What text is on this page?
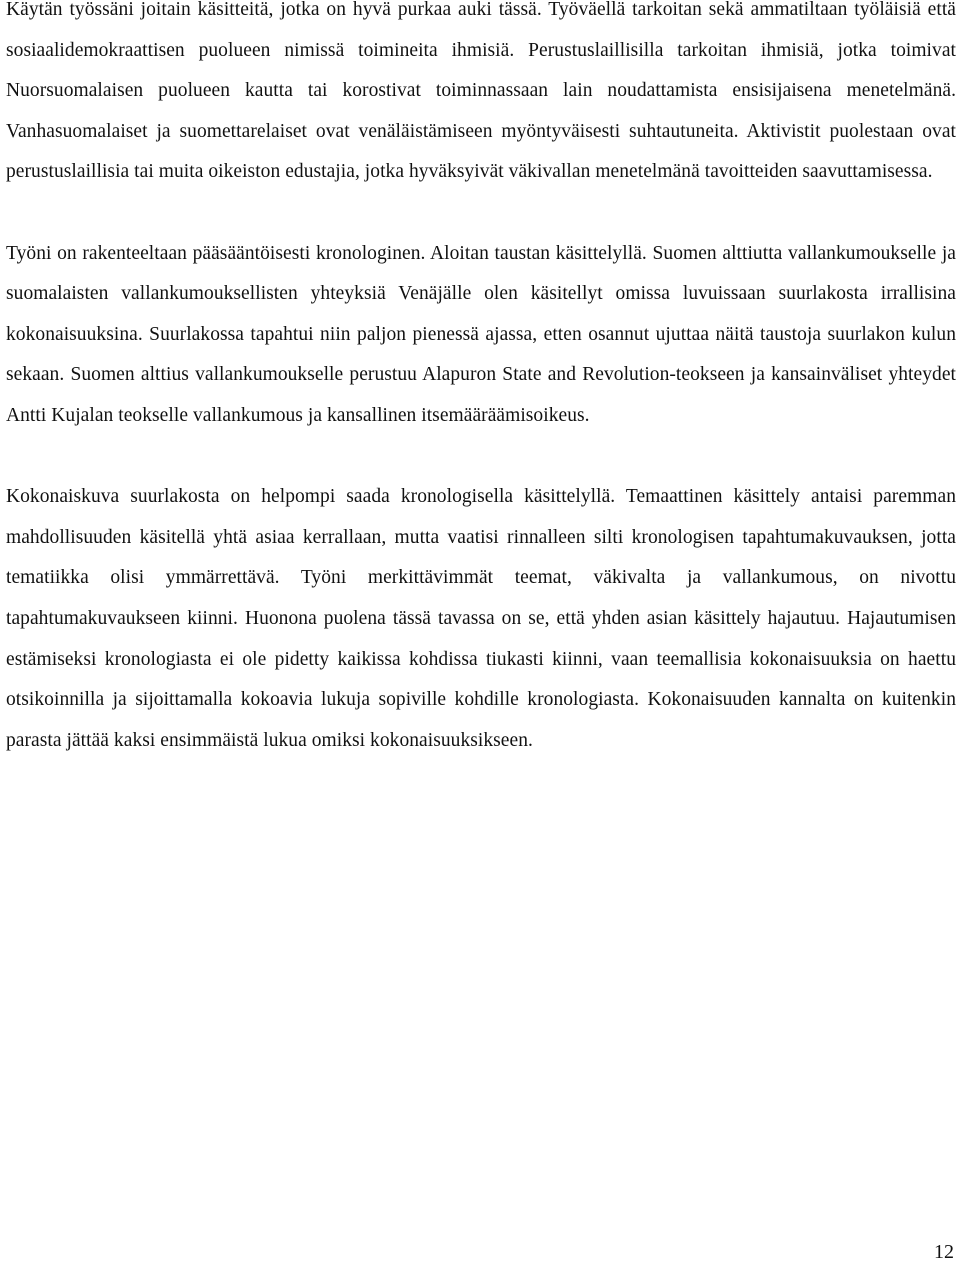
Käytän työssäni joitain käsitteitä, jotka on hyvä purkaa auki tässä. Työväellä tarkoitan sekä ammatiltaan työläisiä että sosiaalidemokraattisen puolueen nimissä toimineita ihmisiä. Perustuslaillisilla tarkoitan ihmisiä, jotka toimivat Nuorsuomalaisen puolueen kautta tai korostivat toiminnassaan lain noudattamista ensisijaisena menetelmänä. Vanhasuomalaiset ja suomettarelaiset ovat venäläistämiseen myöntyväisesti suhtautuneita. Aktivistit puolestaan ovat perustuslaillisia tai muita oikeiston edustajia, jotka hyväksyivät väkivallan menetelmänä tavoitteiden saavuttamisessa.

Työni on rakenteeltaan pääsääntöisesti kronologinen. Aloitan taustan käsittelyllä. Suomen alttiutta vallankumoukselle ja suomalaisten vallankumouksellisten yhteyksiä Venäjälle olen käsitellyt omissa luvuissaan suurlakosta irrallisina kokonaisuuksina. Suurlakossa tapahtui niin paljon pienessä ajassa, etten osannut ujuttaa näitä taustoja suurlakon kulun sekaan. Suomen alttius vallankumoukselle perustuu Alapuron State and Revolution-teokseen ja kansainväliset yhteydet Antti Kujalan teokselle vallankumous ja kansallinen itsemääräämisoikeus.

Kokonaiskuva suurlakosta on helpompi saada kronologisella käsittelyllä. Temaattinen käsittely antaisi paremman mahdollisuuden käsitellä yhtä asiaa kerrallaan, mutta vaatisi rinnalleen silti kronologisen tapahtumakuvauksen, jotta tematiikka olisi ymmärrettävä. Työni merkittävimmät teemat, väkivalta ja vallankumous, on nivottu tapahtumakuvaukseen kiinni. Huonona puolena tässä tavassa on se, että yhden asian käsittely hajautuu. Hajautumisen estämiseksi kronologiasta ei ole pidetty kaikissa kohdissa tiukasti kiinni, vaan teemallisia kokonaisuuksia on haettu otsikoinnilla ja sijoittamalla kokoavia lukuja sopiville kohdille kronologiasta. Kokonaisuuden kannalta on kuitenkin parasta jättää kaksi ensimmäistä lukua omiksi kokonaisuuksikseen.

12
